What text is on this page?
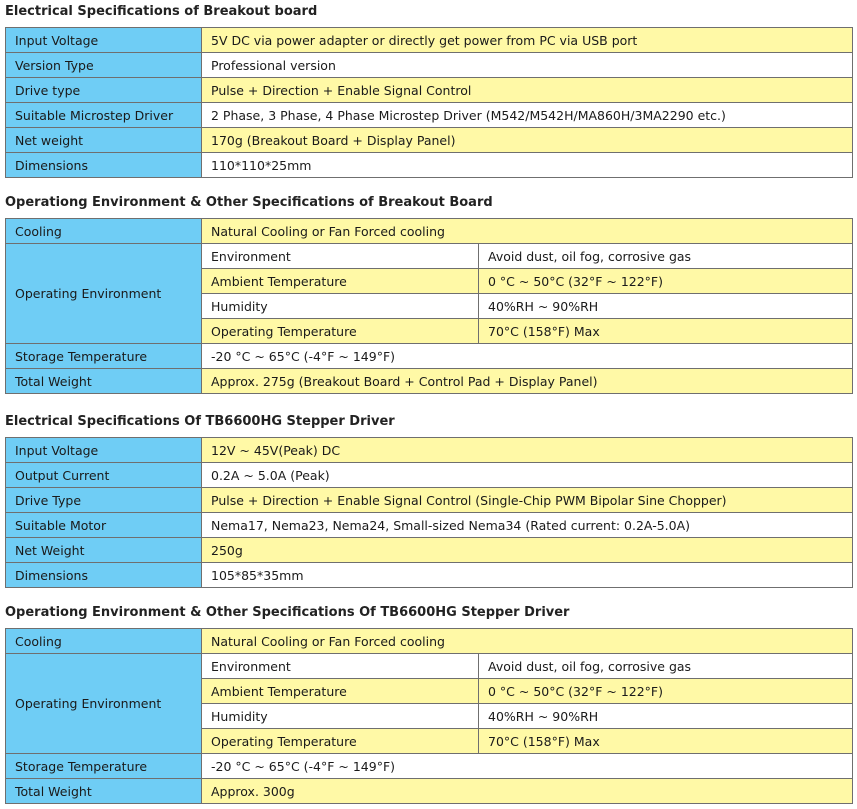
Electrical Specifications of Breakout board
Input Voltage	5V DC via power adapter or directly get power from PC via USB port
Version Type	Professional version
Drive type	Pulse + Direction + Enable Signal Control
Suitable Microstep Driver	2 Phase, 3 Phase, 4 Phase Microstep Driver (M542/M542H/MA860H/3MA2290 etc.)
Net weight	170g (Breakout Board + Display Panel)
Dimensions	110*110*25mm
Operationg Environment & Other Specifications of Breakout Board
Cooling	Natural Cooling or Fan Forced cooling	
Operating Environment	Environment	Avoid dust, oil fog, corrosive gas
	Ambient Temperature	0 °C ~ 50°C (32°F ~ 122°F)
	Humidity	40%RH ~ 90%RH
	Operating Temperature	70°C (158°F) Max
Storage Temperature	-20 °C ~ 65°C (-4°F ~ 149°F)	
Total Weight	Approx. 275g (Breakout Board + Control Pad + Display Panel)	
Electrical Specifications Of TB6600HG Stepper Driver
Input Voltage	12V ~ 45V(Peak) DC
Output Current	0.2A ~ 5.0A (Peak)
Drive Type	Pulse + Direction + Enable Signal Control (Single-Chip PWM Bipolar Sine Chopper)
Suitable Motor	Nema17, Nema23, Nema24, Small-sized Nema34 (Rated current: 0.2A-5.0A)
Net Weight	250g
Dimensions	105*85*35mm
Operationg Environment & Other Specifications Of TB6600HG Stepper Driver
Cooling	Natural Cooling or Fan Forced cooling	
Operating Environment	Environment	Avoid dust, oil fog, corrosive gas
	Ambient Temperature	0 °C ~ 50°C (32°F ~ 122°F)
	Humidity	40%RH ~ 90%RH
	Operating Temperature	70°C (158°F) Max
Storage Temperature	-20 °C ~ 65°C (-4°F ~ 149°F)	
Total Weight	Approx. 300g	
